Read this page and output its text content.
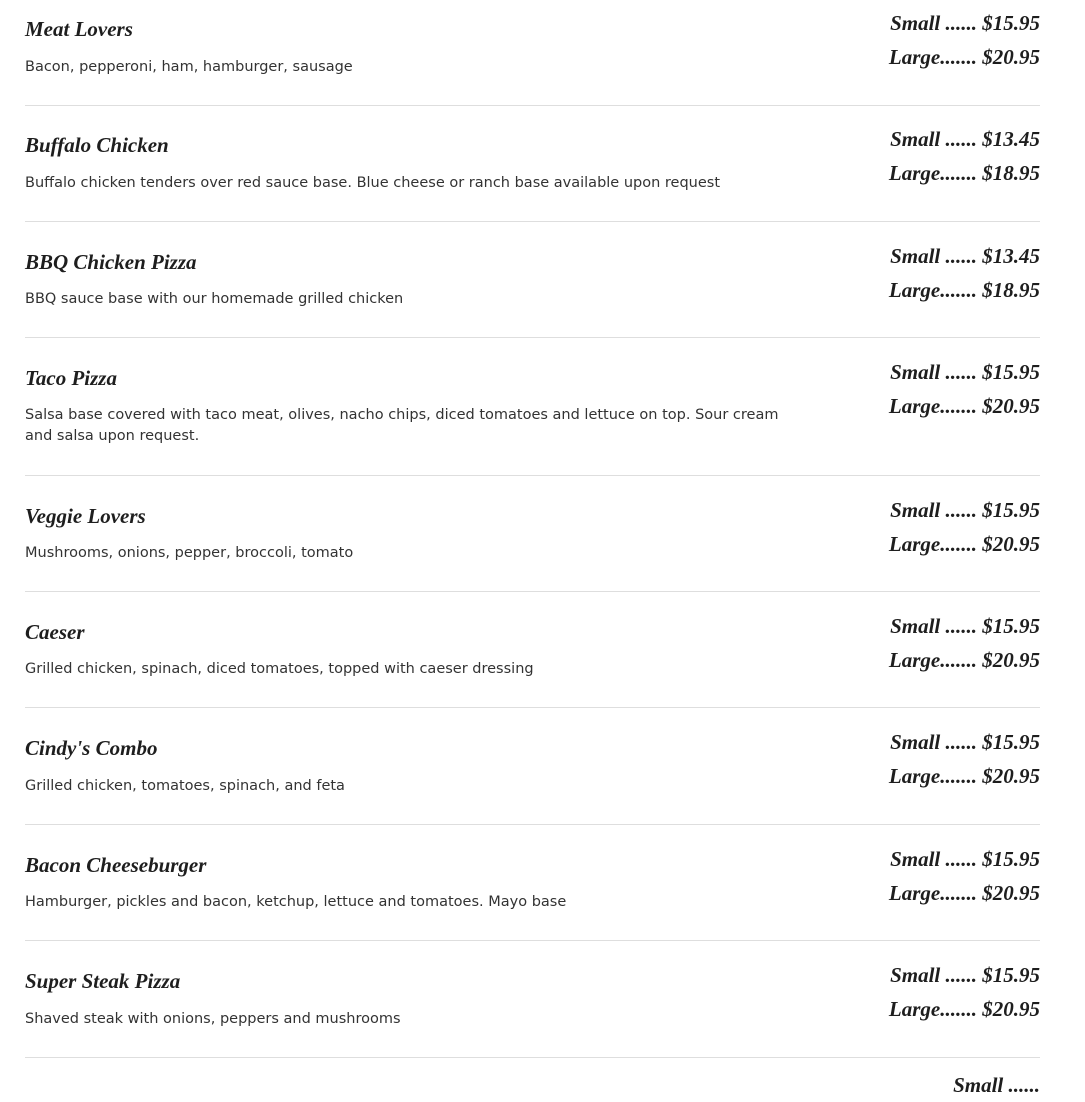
Meat Lovers

Bacon, pepperoni, ham, hamburger, sausage

Small ...... $15.95
Large....... $20.95
Buffalo Chicken

Buffalo chicken tenders over red sauce base. Blue cheese or ranch base available upon request

Small ...... $13.45
Large....... $18.95
BBQ Chicken Pizza

BBQ sauce base with our homemade grilled chicken

Small ...... $13.45
Large....... $18.95
Taco Pizza

Salsa base covered with taco meat, olives, nacho chips, diced tomatoes and lettuce on top. Sour cream and salsa upon request.

Small ...... $15.95
Large....... $20.95
Veggie Lovers

Mushrooms, onions, pepper, broccoli, tomato

Small ...... $15.95
Large....... $20.95
Caeser

Grilled chicken, spinach, diced tomatoes, topped with caeser dressing

Small ...... $15.95
Large....... $20.95
Cindy's Combo

Grilled chicken, tomatoes, spinach, and feta

Small ...... $15.95
Large....... $20.95
Bacon Cheeseburger

Hamburger, pickles and bacon, ketchup, lettuce and tomatoes. Mayo base

Small ...... $15.95
Large....... $20.95
Super Steak Pizza

Shaved steak with onions, peppers and mushrooms

Small ...... $15.95
Large....... $20.95
Small ......
